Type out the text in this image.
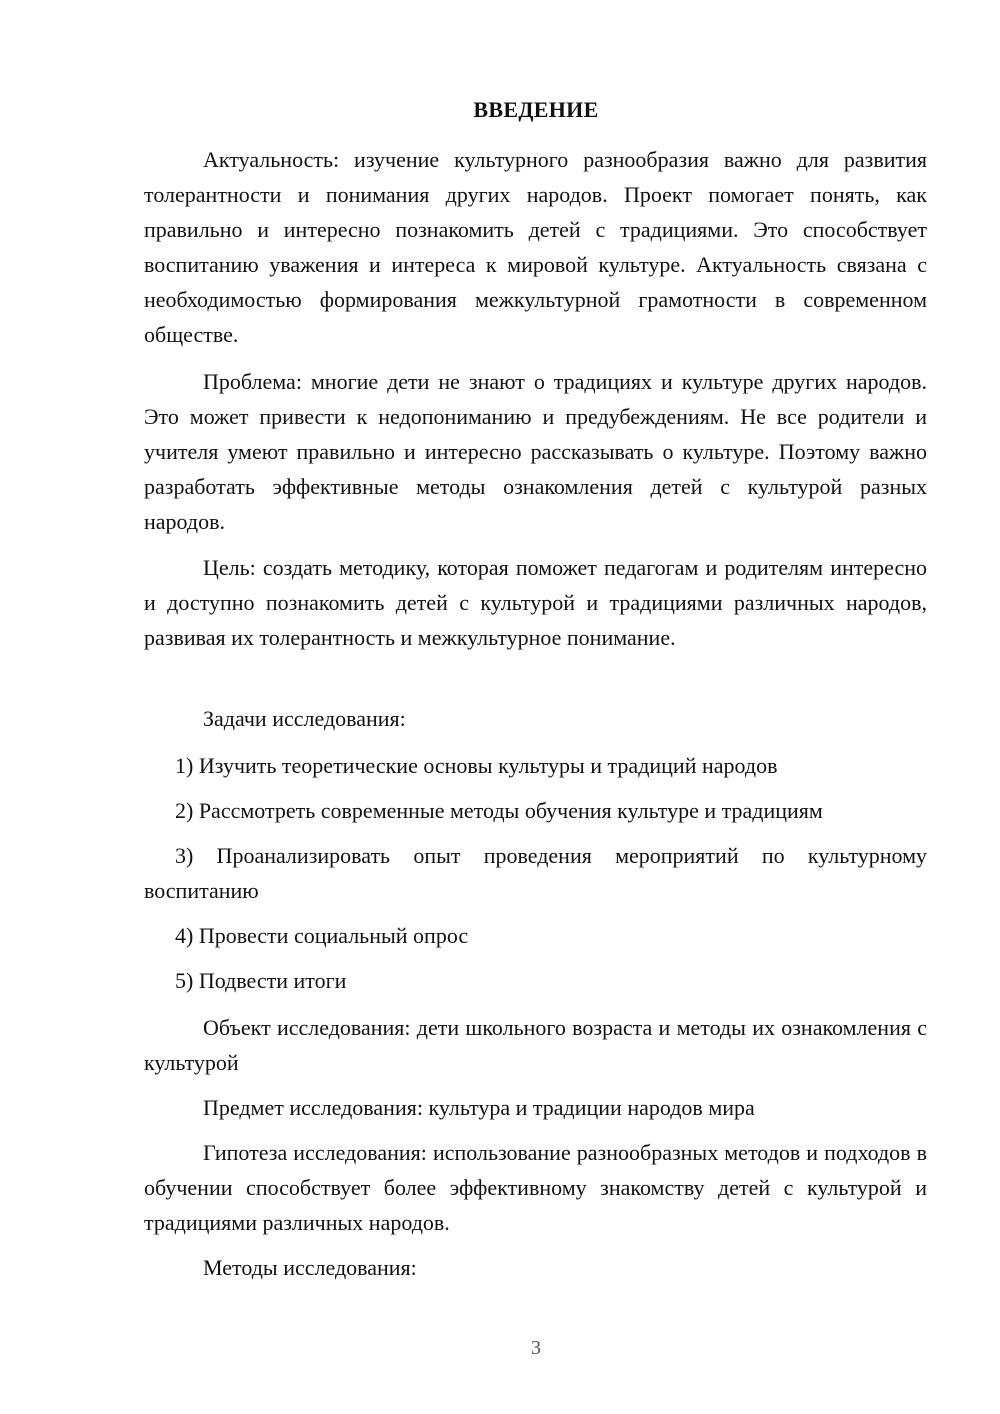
ВВЕДЕНИЕ

Актуальность: изучение культурного разнообразия важно для развития толерантности и понимания других народов. Проект помогает понять, как правильно и интересно познакомить детей с традициями. Это способствует воспитанию уважения и интереса к мировой культуре. Актуальность связана с необходимостью формирования межкультурной грамотности в современном обществе.

Проблема: многие дети не знают о традициях и культуре других народов. Это может привести к недопониманию и предубеждениям. Не все родители и учителя умеют правильно и интересно рассказывать о культуре. Поэтому важно разработать эффективные методы ознакомления детей с культурой разных народов.

Цель: создать методику, которая поможет педагогам и родителям интересно и доступно познакомить детей с культурой и традициями различных народов, развивая их толерантность и межкультурное понимание.

Задачи исследования:

1) Изучить теоретические основы культуры и традиций народов

2) Рассмотреть современные методы обучения культуре и традициям

3) Проанализировать опыт проведения мероприятий по культурному воспитанию

4) Провести социальный опрос

5) Подвести итоги

Объект исследования: дети школьного возраста и методы их ознакомления с культурой

Предмет исследования: культура и традиции народов мира

Гипотеза исследования: использование разнообразных методов и подходов в обучении способствует более эффективному знакомству детей с культурой и традициями различных народов.

Методы исследования:

3
